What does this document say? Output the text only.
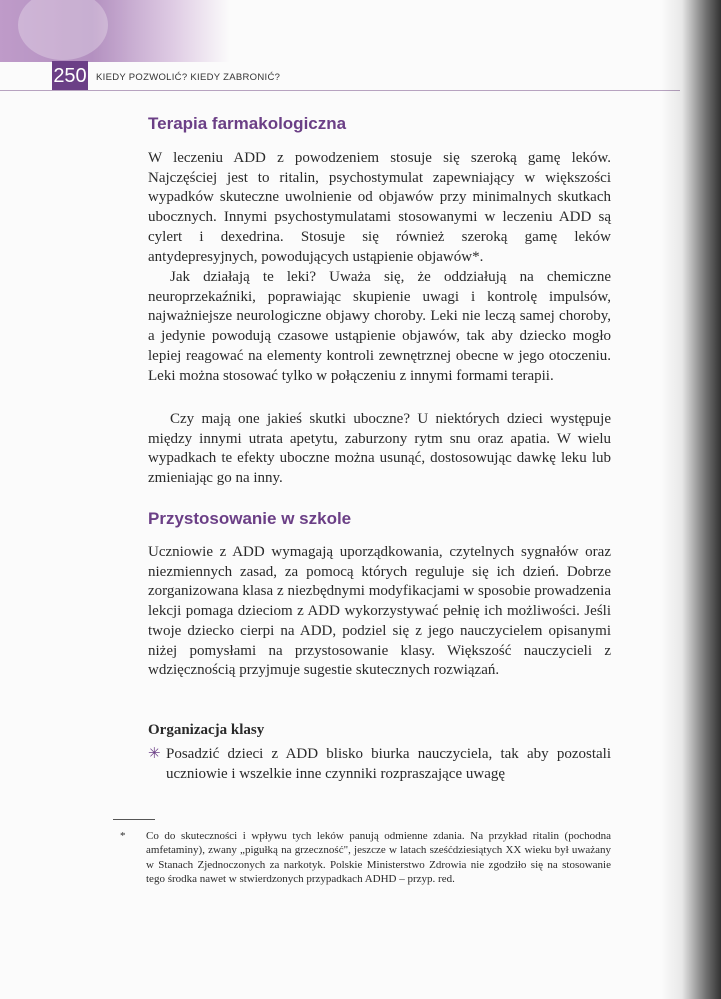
250 KIEDY POZWOLIĆ? KIEDY ZABRONIĆ?
Terapia farmakologiczna

W leczeniu ADD z powodzeniem stosuje się szeroką gamę leków. Najczęściej jest to ritalin, psychostymulat zapewniający w większości wypadków skuteczne uwolnienie od objawów przy minimalnych skutkach ubocznych. Innymi psychostymulatami stosowanymi w leczeniu ADD są cylert i dexedrina. Stosuje się również szeroką gamę leków antydepresyjnych, powodujących ustąpienie objawów*.

Jak działają te leki? Uważa się, że oddziałują na chemiczne neuroprzekaźniki, poprawiając skupienie uwagi i kontrolę impulsów, najważniejsze neurologiczne objawy choroby. Leki nie leczą samej choroby, a jedynie powodują czasowe ustąpienie objawów, tak aby dziecko mogło lepiej reagować na elementy kontroli zewnętrznej obecne w jego otoczeniu. Leki można stosować tylko w połączeniu z innymi formami terapii.

Czy mają one jakieś skutki uboczne? U niektórych dzieci występuje między innymi utrata apetytu, zaburzony rytm snu oraz apatia. W wielu wypadkach te efekty uboczne można usunąć, dostosowując dawkę leku lub zmieniając go na inny.

Przystosowanie w szkole

Uczniowie z ADD wymagają uporządkowania, czytelnych sygnałów oraz niezmiennych zasad, za pomocą których reguluje się ich dzień. Dobrze zorganizowana klasa z niezbędnymi modyfikacjami w sposobie prowadzenia lekcji pomaga dzieciom z ADD wykorzystywać pełnię ich możliwości. Jeśli twoje dziecko cierpi na ADD, podziel się z jego nauczycielem opisanymi niżej pomysłami na przystosowanie klasy. Większość nauczycieli z wdzięcznością przyjmuje sugestie skutecznych rozwiązań.

Organizacja klasy
✳ Posadzić dzieci z ADD blisko biurka nauczyciela, tak aby pozostali uczniowie i wszelkie inne czynniki rozpraszające uwagę
*	Co do skuteczności i wpływu tych leków panują odmienne zdania. Na przykład ritalin (pochodna amfetaminy), zwany „pigułką na grzeczność", jeszcze w latach sześćdziesiątych XX wieku był uważany w Stanach Zjednoczonych za narkotyk. Polskie Ministerstwo Zdrowia nie zgodziło się na stosowanie tego środka nawet w stwierdzonych przypadkach ADHD – przyp. red.
